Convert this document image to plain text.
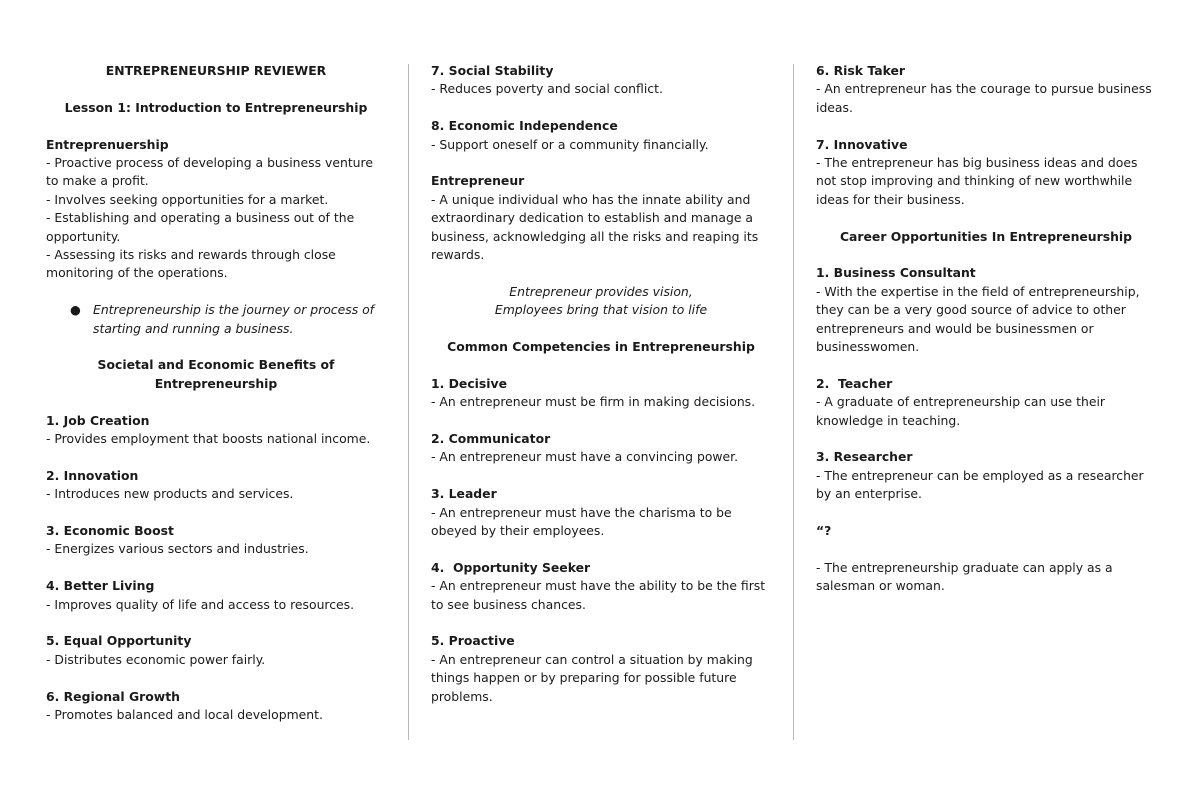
ENTREPRENEURSHIP REVIEWER
Lesson 1: Introduction to Entrepreneurship
Entreprenuership
- Proactive process of developing a business venture
to make a profit.
- Involves seeking opportunities for a market.
- Establishing and operating a business out of the
opportunity.
- Assessing its risks and rewards through close
monitoring of the operations.
● Entrepreneurship is the journey or process of
starting and running a business.
Societal and Economic Benefits of
Entrepreneurship
1. Job Creation
- Provides employment that boosts national income.
2. Innovation
- Introduces new products and services.
3. Economic Boost
- Energizes various sectors and industries.
4. Better Living
- Improves quality of life and access to resources.
5. Equal Opportunity
- Distributes economic power fairly.
6. Regional Growth
- Promotes balanced and local development.
7. Social Stability
- Reduces poverty and social conflict.
8. Economic Independence
- Support oneself or a community financially.
Entrepreneur
- A unique individual who has the innate ability and
extraordinary dedication to establish and manage a
business, acknowledging all the risks and reaping its
rewards.
Entrepreneur provides vision,
Employees bring that vision to life
Common Competencies in Entrepreneurship
1. Decisive
- An entrepreneur must be firm in making decisions.
2. Communicator
- An entrepreneur must have a convincing power.
3. Leader
- An entrepreneur must have the charisma to be
obeyed by their employees.
4.  Opportunity Seeker
- An entrepreneur must have the ability to be the first
to see business chances.
5. Proactive
- An entrepreneur can control a situation by making
things happen or by preparing for possible future
problems.
6. Risk Taker
- An entrepreneur has the courage to pursue business
ideas.
7. Innovative
- The entrepreneur has big business ideas and does
not stop improving and thinking of new worthwhile
ideas for their business.
Career Opportunities In Entrepreneurship
1. Business Consultant
- With the expertise in the field of entrepreneurship,
they can be a very good source of advice to other
entrepreneurs and would be businessmen or
businesswomen.
2.  Teacher
- A graduate of entrepreneurship can use their
knowledge in teaching.
3. Researcher
- The entrepreneur can be employed as a researcher
by an enterprise.
“?
- The entrepreneurship graduate can apply as a
salesman or woman.
